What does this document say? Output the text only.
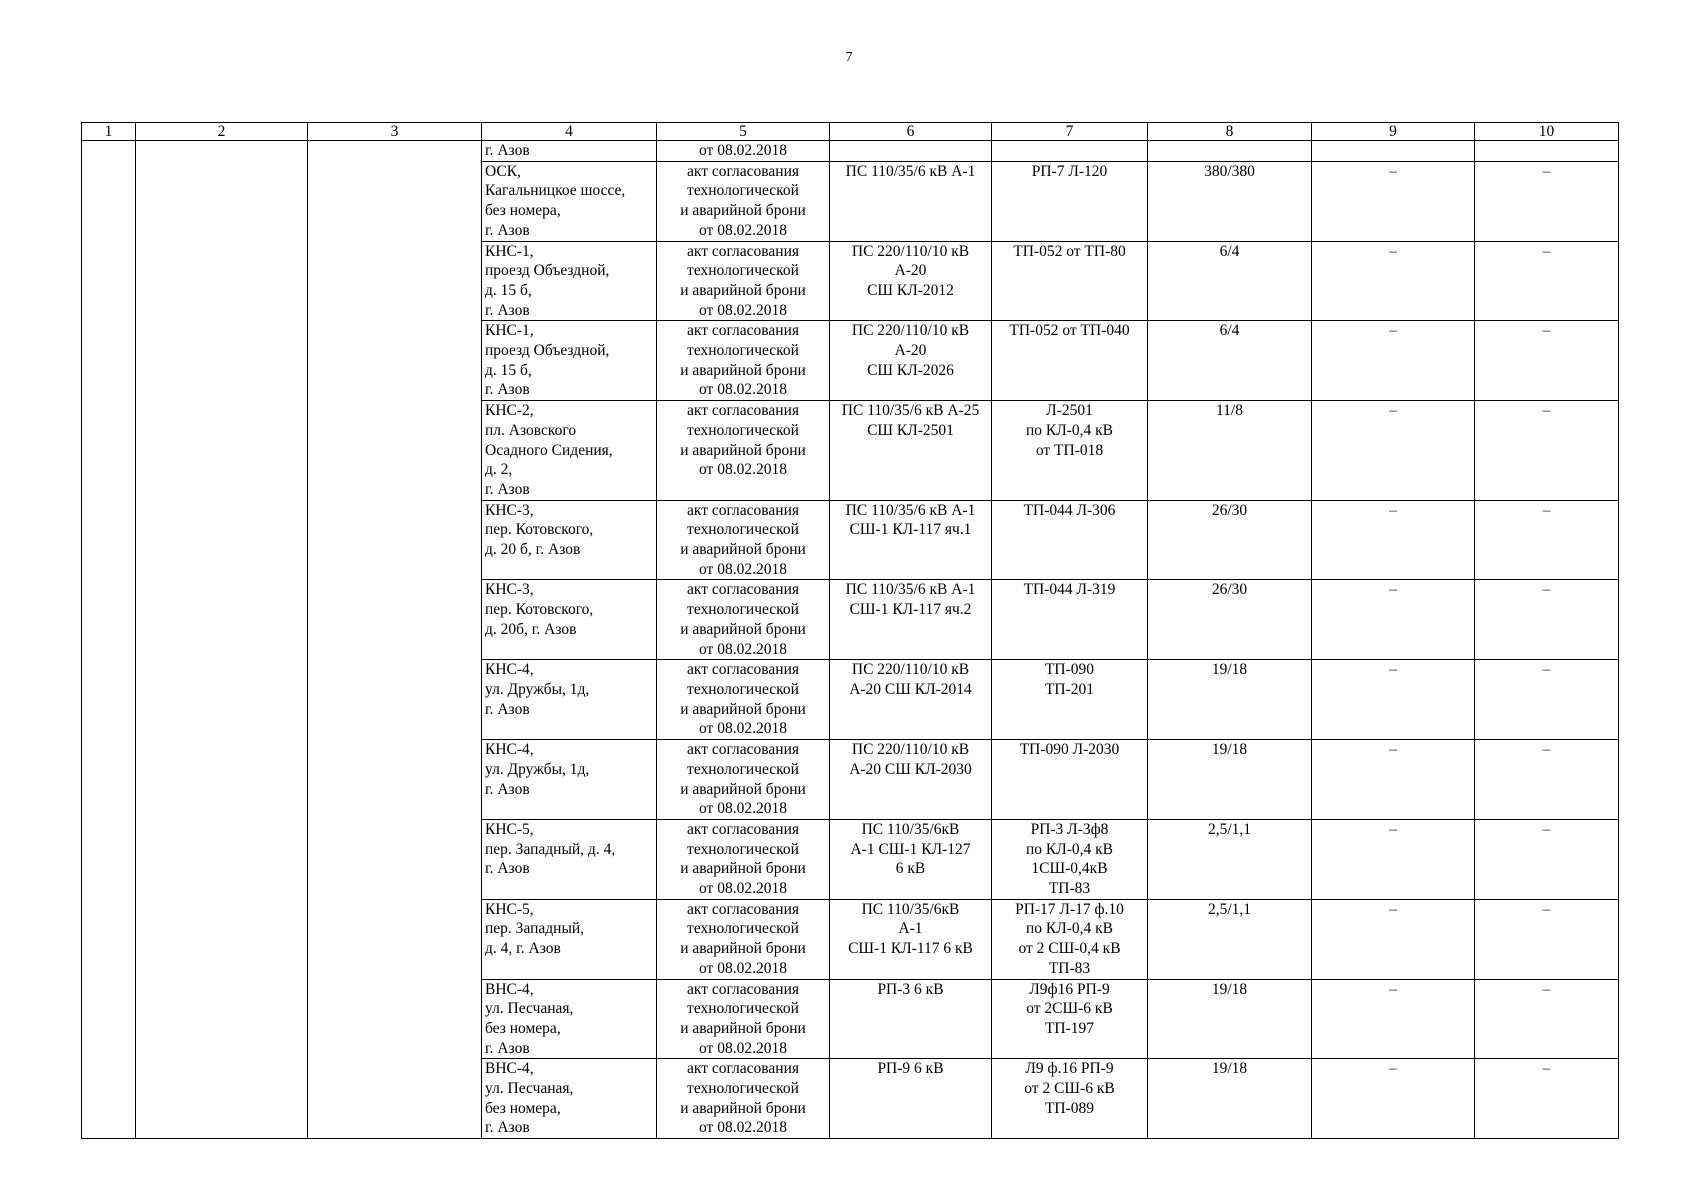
7
1	2	3	4	5	6	7	8	9	10
			г. Азов	от 08.02.2018					
			ОСК,
Кагальницкое шоссе,
без номера,
г. Азов	акт согласования
технологической
и аварийной брони
от 08.02.2018	ПС 110/35/6 кВ А-1	РП-7 Л-120	380/380	–	–
			КНС-1,
проезд Объездной,
д. 15 б,
г. Азов	акт согласования
технологической
и аварийной брони
от 08.02.2018	ПС 220/110/10 кВ
А-20
СШ КЛ-2012	ТП-052 от ТП-80	6/4	–	–
			КНС-1,
проезд Объездной,
д. 15 б,
г. Азов	акт согласования
технологической
и аварийной брони
от 08.02.2018	ПС 220/110/10 кВ
А-20
СШ КЛ-2026	ТП-052 от ТП-040	6/4	–	–
			КНС-2,
пл. Азовского
Осадного Сидения,
д. 2,
г. Азов	акт согласования
технологической
и аварийной брони
от 08.02.2018	ПС 110/35/6 кВ А-25
СШ КЛ-2501	Л-2501
по КЛ-0,4 кВ
от ТП-018	11/8	–	–
			КНС-3,
пер. Котовского,
д. 20 б, г. Азов	акт согласования
технологической
и аварийной брони
от 08.02.2018	ПС 110/35/6 кВ А-1
СШ-1 КЛ-117 яч.1	ТП-044 Л-306	26/30	–	–
			КНС-3,
пер. Котовского,
д. 20б, г. Азов	акт согласования
технологической
и аварийной брони
от 08.02.2018	ПС 110/35/6 кВ А-1
СШ-1 КЛ-117 яч.2	ТП-044 Л-319	26/30	–	–
			КНС-4,
ул. Дружбы, 1д,
г. Азов	акт согласования
технологической
и аварийной брони
от 08.02.2018	ПС 220/110/10 кВ
А-20 СШ КЛ-2014	ТП-090
ТП-201	19/18	–	–
			КНС-4,
ул. Дружбы, 1д,
г. Азов	акт согласования
технологической
и аварийной брони
от 08.02.2018	ПС 220/110/10 кВ
А-20 СШ КЛ-2030	ТП-090 Л-2030	19/18	–	–
			КНС-5,
пер. Западный, д. 4,
г. Азов	акт согласования
технологической
и аварийной брони
от 08.02.2018	ПС 110/35/6кВ
А-1 СШ-1 КЛ-127
6 кВ	РП-3 Л-3ф8
по КЛ-0,4 кВ
1СШ-0,4кВ
ТП-83	2,5/1,1	–	–
			КНС-5,
пер. Западный,
д. 4, г. Азов	акт согласования
технологической
и аварийной брони
от 08.02.2018	ПС 110/35/6кВ
А-1
СШ-1 КЛ-117 6 кВ	РП-17 Л-17 ф.10
по КЛ-0,4 кВ
от 2 СШ-0,4 кВ
ТП-83	2,5/1,1	–	–
			ВНС-4,
ул. Песчаная,
без номера,
г. Азов	акт согласования
технологической
и аварийной брони
от 08.02.2018	РП-3 6 кВ	Л9ф16 РП-9
от 2СШ-6 кВ
ТП-197	19/18	–	–
			ВНС-4,
ул. Песчаная,
без номера,
г. Азов	акт согласования
технологической
и аварийной брони
от 08.02.2018	РП-9 6 кВ	Л9 ф.16 РП-9
от 2 СШ-6 кВ
ТП-089	19/18	–	–
